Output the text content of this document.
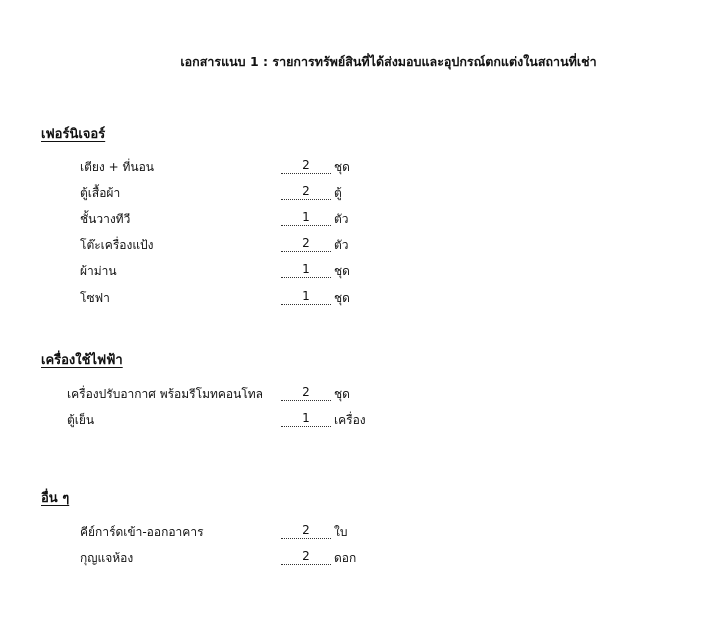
เอกสารแนบ 1 : รายการทรัพย์สินที่ได้ส่งมอบและอุปกรณ์ตกแต่งในสถานที่เช่า
เฟอร์นิเจอร์
เตียง + ที่นอน	2	ชุด
ตู้เสื้อผ้า	2	ตู้
ชั้นวางทีวี	1	ตัว
โต๊ะเครื่องแป้ง	2	ตัว
ผ้าม่าน	1	ชุด
โซฟา	1	ชุด
เครื่องใช้ไฟฟ้า
เครื่องปรับอากาศ พร้อมรีโมทคอนโทล	2	ชุด
ตู้เย็น	1	เครื่อง
อื่น ๆ
คีย์การ์ดเข้า-ออกอาคาร	2	ใบ
กุญแจห้อง	2	ดอก
